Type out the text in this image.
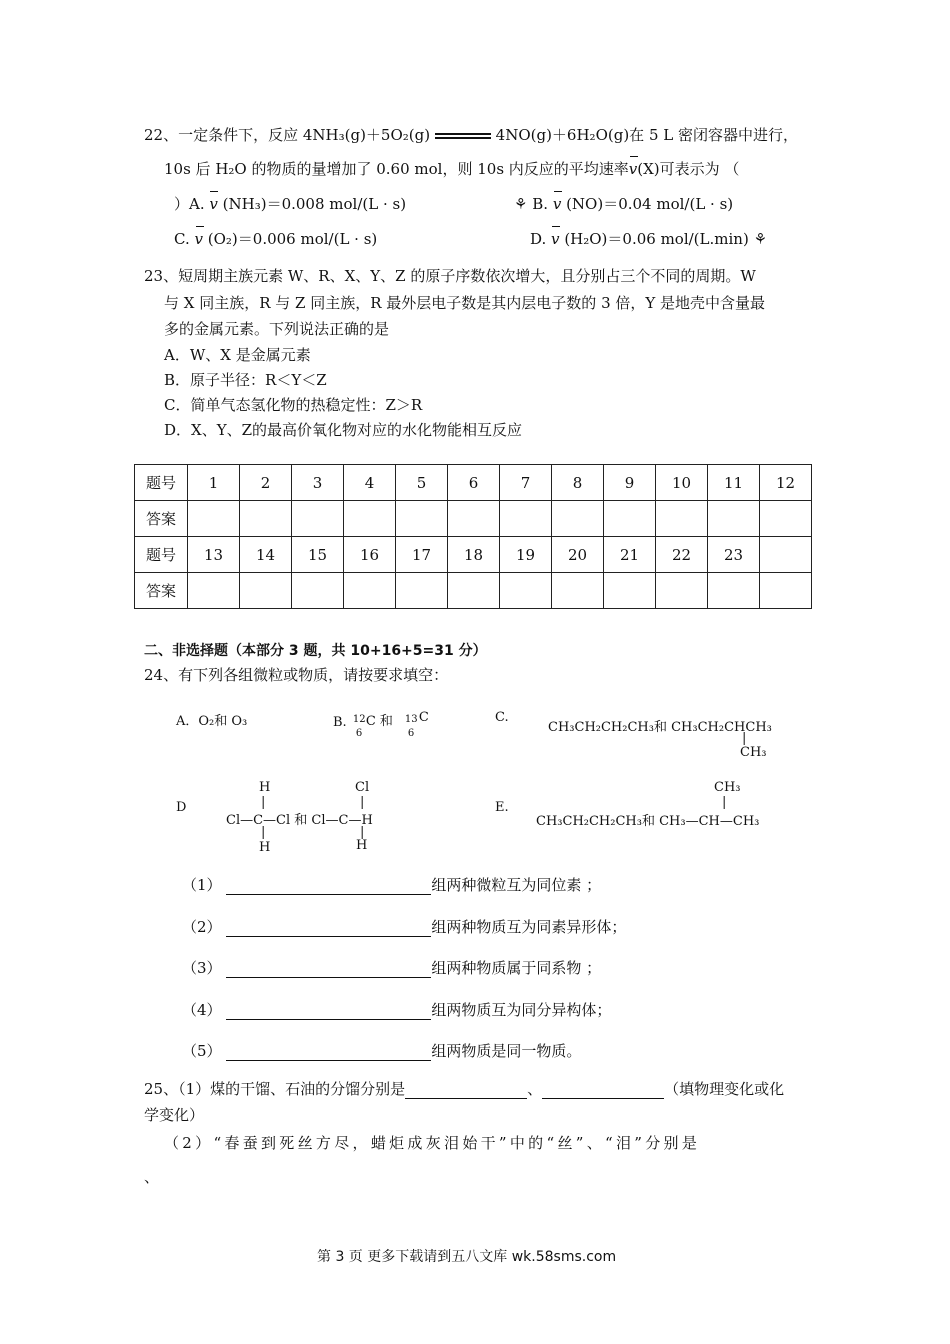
22、一定条件下，反应 4NH₃(g)＋5O₂(g)	4NO(g)＋6H₂O(g)在 5 L 密闭容器中进行，
10s 后 H₂O 的物质的量增加了 0.60 mol，则 10s 内反应的平均速率v(X)可表示为 （
）A. v (NH₃)＝0.008 mol/(L · s)	⚘ B. v (NO)＝0.04 mol/(L · s)
C. v (O₂)＝0.006 mol/(L · s)	D. v (H₂O)＝0.06 mol/(L.min) ⚘
23、短周期主族元素 W、R、X、Y、Z 的原子序数依次增大，且分别占三个不同的周期。W
与 X 同主族，R 与 Z 同主族，R 最外层电子数是其内层电子数的 3 倍，Y 是地壳中含量最
多的金属元素。下列说法正确的是
A．W、X 是金属元素
B．原子半径：R＜Y＜Z
C．简单气态氢化物的热稳定性：Z＞R
D．X、Y、Z的最高价氧化物对应的水化物能相互反应
题号	1	2	3	4	5	6	7	8	9	10	11	12
答案												
题号	13	14	15	16	17	18	19	20	21	22	23	
答案												
二、非选择题（本部分 3 题，共 10+16+5=31 分）
24、有下列各组微粒或物质，请按要求填空：
A．O₂和 O₃	B. 12
6
C 和 13
6
C	C.
CH₃CH₂CH₂CH₃和 CH₃CH₂CHCH₃
|
CH₃
D
H
|
Cl—C—Cl 和 Cl—C—H
|
H
Cl
|
|
H
E.
CH₃
|
CH₃CH₂CH₂CH₃和 CH₃—CH—CH₃
（1）	组两种微粒互为同位素 ；
（2）	组两种物质互为同素异形体；
（3）	组两种物质属于同系物 ；
（4）	组两物质互为同分异构体；
（5）	组两物质是同一物质。
25、（1）煤的干馏、石油的分馏分别是	、	（填物理变化或化
学变化）
（2）“春蚕到死丝方尽，蜡炬成灰泪始干”中的“丝”、“泪”分别是
、
第 3 页 更多下载请到五八文库 wk.58sms.com
